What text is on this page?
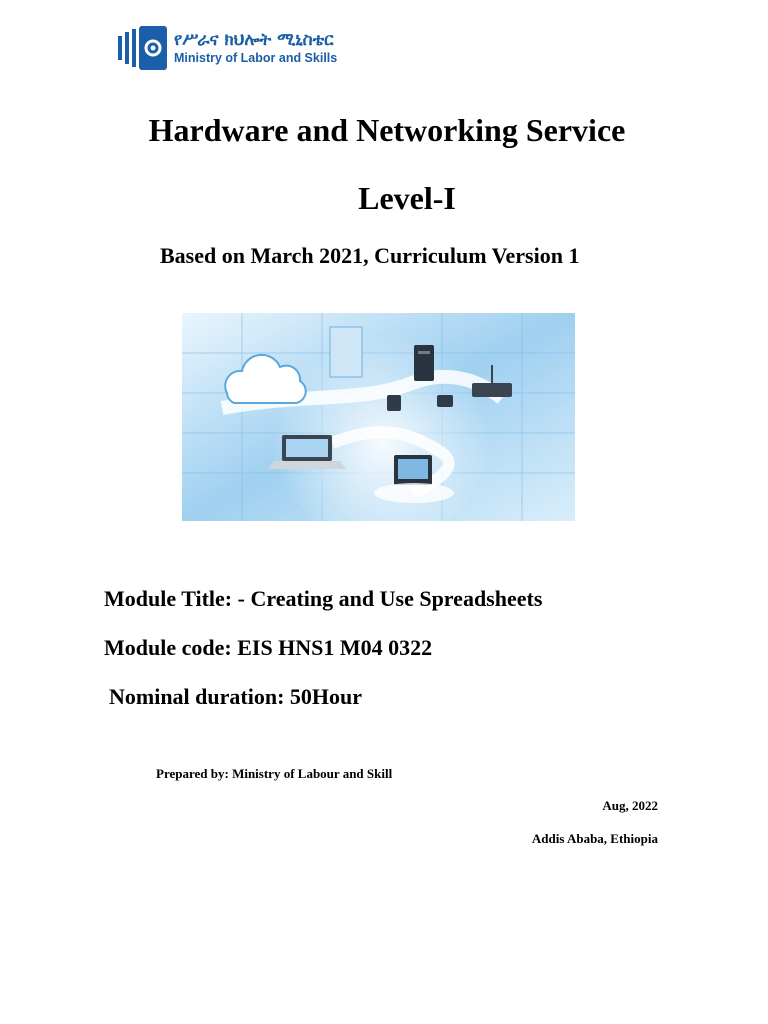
የሥራና ክህሎት ሚኒስቴር
Ministry of Labor and Skills
Hardware and Networking Service
Level-I
Based on March 2021, Curriculum Version 1
Module Title: - Creating and Use Spreadsheets
Module code: EIS HNS1 M04 0322
Nominal duration: 50Hour
Prepared by: Ministry of Labour and Skill
Aug, 2022
Addis Ababa, Ethiopia
